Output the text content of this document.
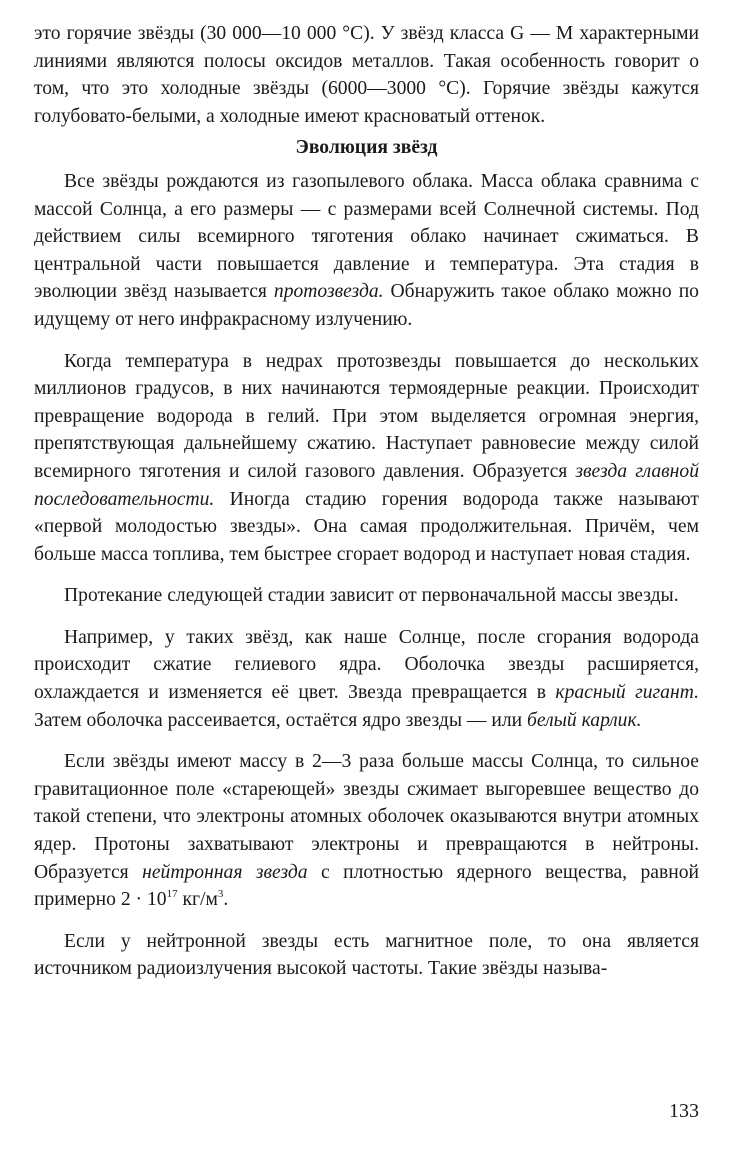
это горячие звёзды (30 000—10 000 °С). У звёзд класса G — М характерными линиями являются полосы оксидов металлов. Такая особенность говорит о том, что это холодные звёзды (6000—3000 °С). Горячие звёзды кажутся голубовато-белыми, а холодные имеют красноватый оттенок.

Эволюция звёзд

Все звёзды рождаются из газопылевого облака. Масса облака сравнима с массой Солнца, а его размеры — с размерами всей Солнечной системы. Под действием силы всемирного тяготения облако начинает сжиматься. В центральной части повышается давление и температура. Эта стадия в эволюции звёзд называется протозвезда. Обнаружить такое облако можно по идущему от него инфракрасному излучению.

Когда температура в недрах протозвезды повышается до нескольких миллионов градусов, в них начинаются термоядерные реакции. Происходит превращение водорода в гелий. При этом выделяется огромная энергия, препятствующая дальнейшему сжатию. Наступает равновесие между силой всемирного тяготения и силой газового давления. Образуется звезда главной последовательности. Иногда стадию горения водорода также называют «первой молодостью звезды». Она самая продолжительная. Причём, чем больше масса топлива, тем быстрее сгорает водород и наступает новая стадия.

Протекание следующей стадии зависит от первоначальной массы звезды.

Например, у таких звёзд, как наше Солнце, после сгорания водорода происходит сжатие гелиевого ядра. Оболочка звезды расширяется, охлаждается и изменяется её цвет. Звезда превращается в красный гигант. Затем оболочка рассеивается, остаётся ядро звезды — или белый карлик.

Если звёзды имеют массу в 2—3 раза больше массы Солнца, то сильное гравитационное поле «стареющей» звезды сжимает выгоревшее вещество до такой степени, что электроны атомных оболочек оказываются внутри атомных ядер. Протоны захватывают электроны и превращаются в нейтроны. Образуется нейтронная звезда с плотностью ядерного вещества, равной примерно $2 \cdot 10^{17}$ $кг/м^3$.

Если у нейтронной звезды есть магнитное поле, то она является источником радиоизлучения высокой частоты. Такие звёзды называ-

133
